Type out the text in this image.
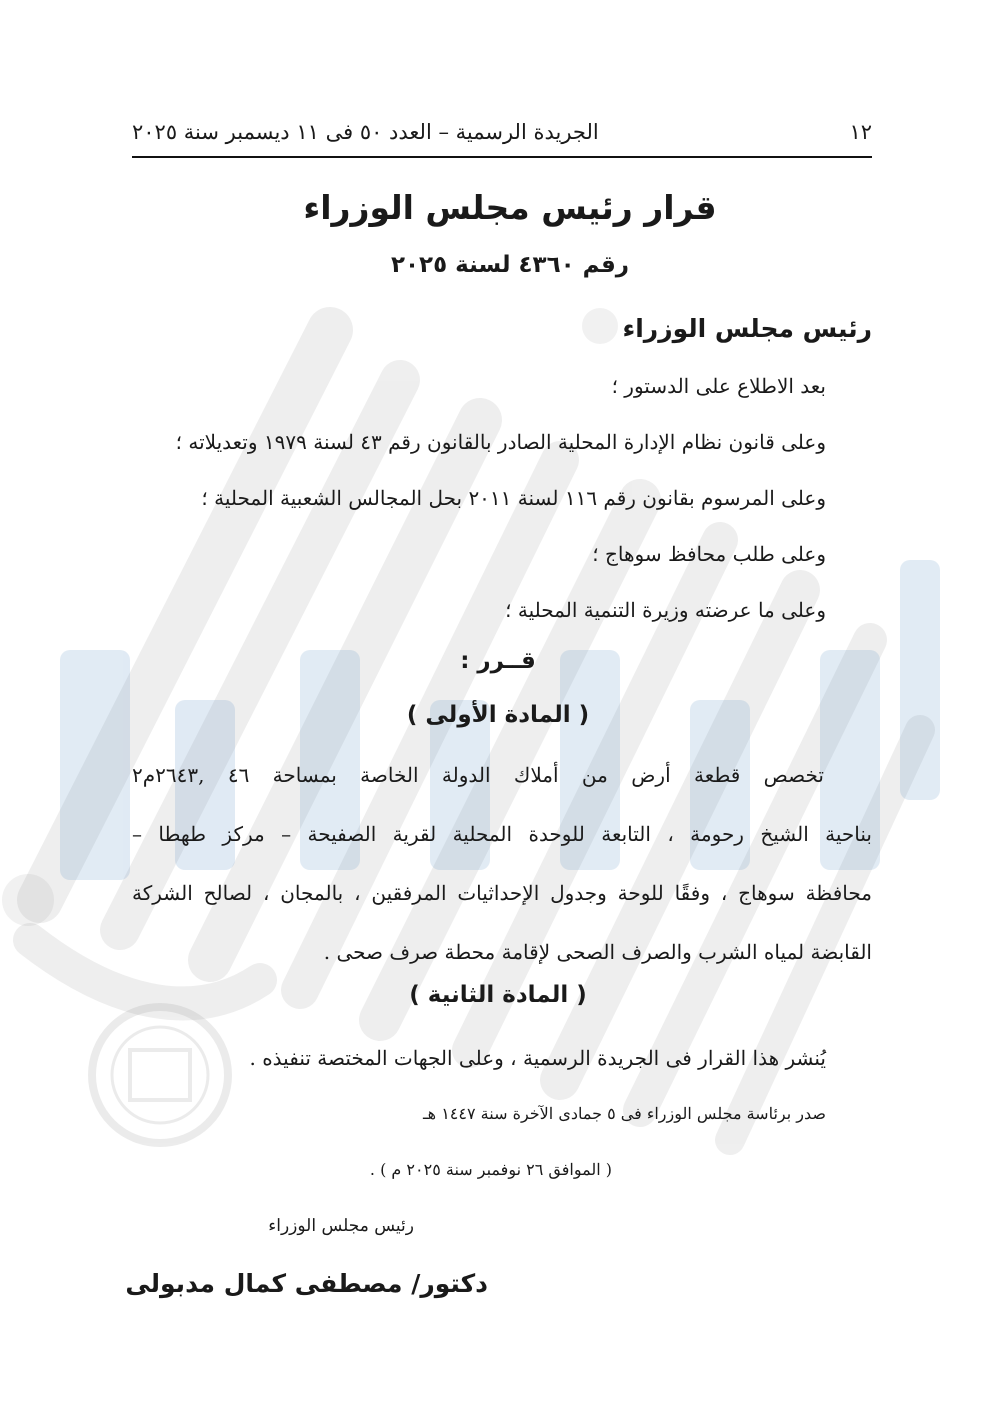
١٢
الجريدة الرسمية – العدد ٥٠ فى ١١ ديسمبر سنة ٢٠٢٥
قرار رئيس مجلس الوزراء
رقم ٤٣٦٠ لسنة ٢٠٢٥
رئيس مجلس الوزراء
بعد الاطلاع على الدستور ؛
وعلى قانون نظام الإدارة المحلية الصادر بالقانون رقم ٤٣ لسنة ١٩٧٩ وتعديلاته ؛
وعلى المرسوم بقانون رقم ١١٦ لسنة ٢٠١١ بحل المجالس الشعبية المحلية ؛
وعلى طلب محافظ سوهاج ؛
وعلى ما عرضته وزيرة التنمية المحلية ؛
قــرر :
( المادة الأولى )
تخصص قطعة أرض من أملاك الدولة الخاصة بمساحة ٤٦ ,٢٦٤٣م٢
بناحية الشيخ رحومة ، التابعة للوحدة المحلية لقرية الصفيحة – مركز طهطا –
محافظة سوهاج ، وفقًا للوحة وجدول الإحداثيات المرفقين ، بالمجان ، لصالح الشركة
القابضة لمياه الشرب والصرف الصحى لإقامة محطة صرف صحى .
( المادة الثانية )
يُنشر هذا القرار فى الجريدة الرسمية ، وعلى الجهات المختصة تنفيذه .
صدر برئاسة مجلس الوزراء فى ٥ جمادى الآخرة سنة ١٤٤٧ هـ
( الموافق ٢٦ نوفمبر سنة ٢٠٢٥ م ) .
رئيس مجلس الوزراء
دكتور/ مصطفى كمال مدبولى
